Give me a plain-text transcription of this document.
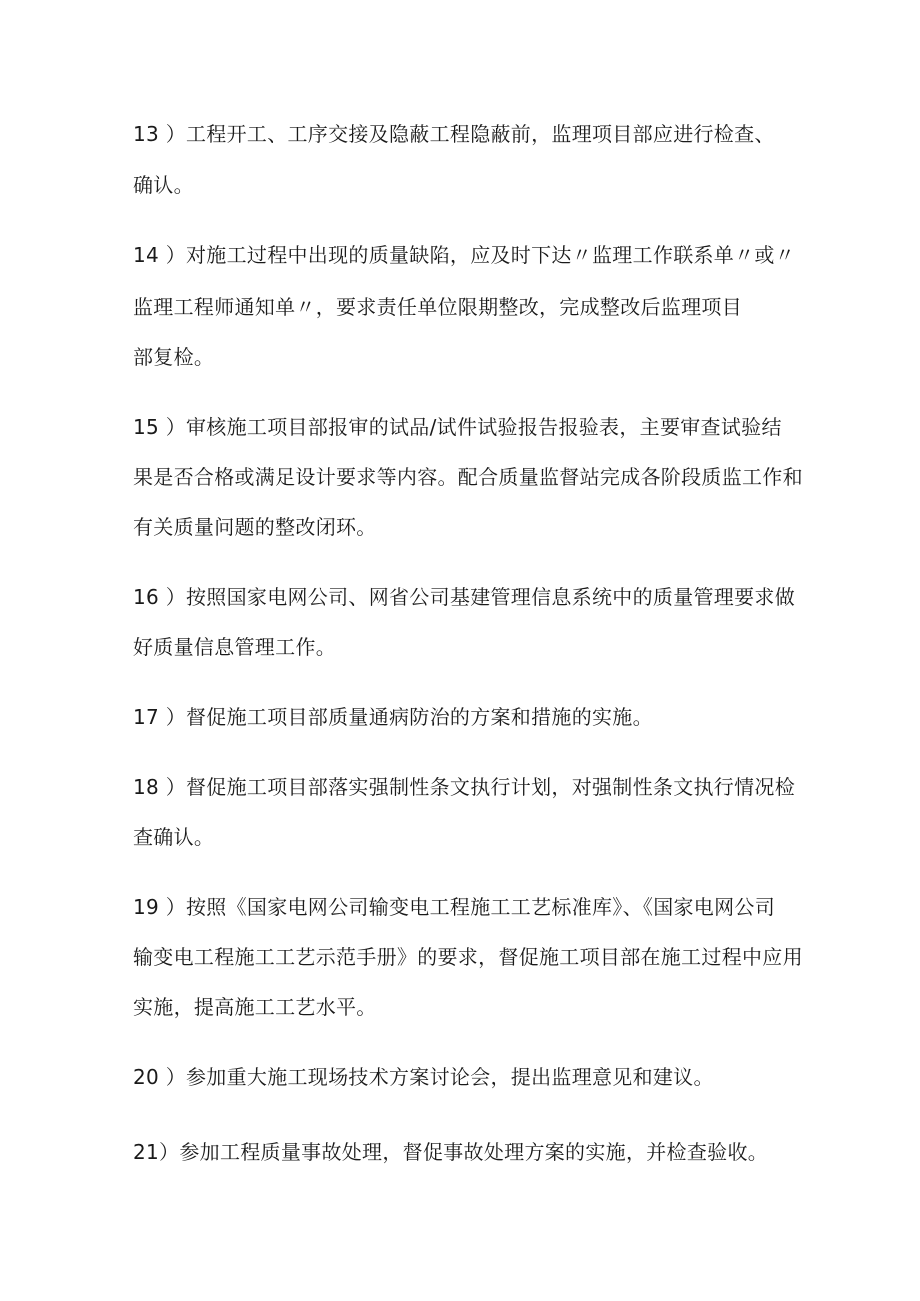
13 ）工程开工、工序交接及隐蔽工程隐蔽前，监理项目部应进行检查、
确认。
14 ）对施工过程中出现的质量缺陷，应及时下达〃监理工作联系单〃或〃
监理工程师通知单〃，要求责任单位限期整改，完成整改后监理项目
部复检。
15 ）审核施工项目部报审的试品/试件试验报告报验表，主要审查试验结
果是否合格或满足设计要求等内容。配合质量监督站完成各阶段质监工作和
有关质量问题的整改闭环。
16 ）按照国家电网公司、网省公司基建管理信息系统中的质量管理要求做
好质量信息管理工作。
17 ）督促施工项目部质量通病防治的方案和措施的实施。
18 ）督促施工项目部落实强制性条文执行计划，对强制性条文执行情况检
查确认。
19 ）按照《国家电网公司输变电工程施工工艺标准库》、《国家电网公司
输变电工程施工工艺示范手册》的要求，督促施工项目部在施工过程中应用
实施，提高施工工艺水平。
20 ）参加重大施工现场技术方案讨论会，提出监理意见和建议。
21）参加工程质量事故处理，督促事故处理方案的实施，并检查验收。
